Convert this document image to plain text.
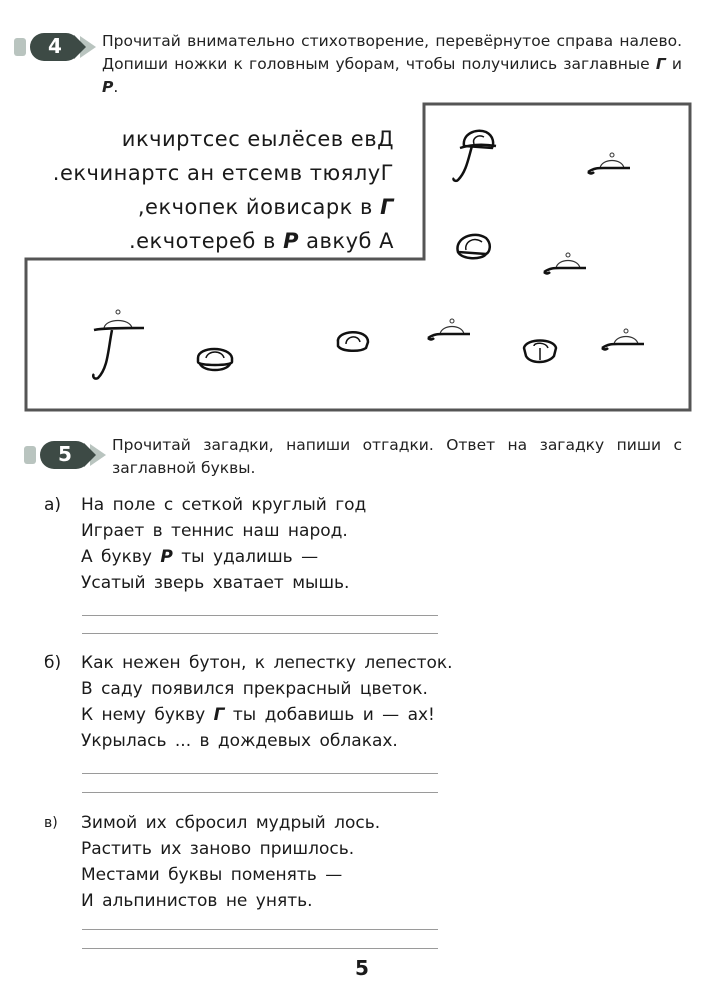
4	Прочитай внимательно стихотворение, перевёрнутое справа налево. Допиши ножки к головным уборам, чтобы получились заглавные Г и Р.
икчиртсес еылёсев евД
.екчинартс ан етсемв тюялуГ
,екчопек йовисарк в Г
.екчотереб в Р авкуб А
5	Прочитай загадки, напиши отгадки. Ответ на загадку пиши с заглавной буквы.
а)	На поле с сеткой круглый год
Играет в теннис наш народ.
А букву Р ты удалишь —
Усатый зверь хватает мышь.
б)	Как нежен бутон, к лепестку лепесток.
В саду появился прекрасный цветок.
К нему букву Г ты добавишь и — ах!
Укрылась ... в дождевых облаках.
в)	Зимой их сбросил мудрый лось.
Растить их заново пришлось.
Местами буквы поменять —
И альпинистов не унять.
5
